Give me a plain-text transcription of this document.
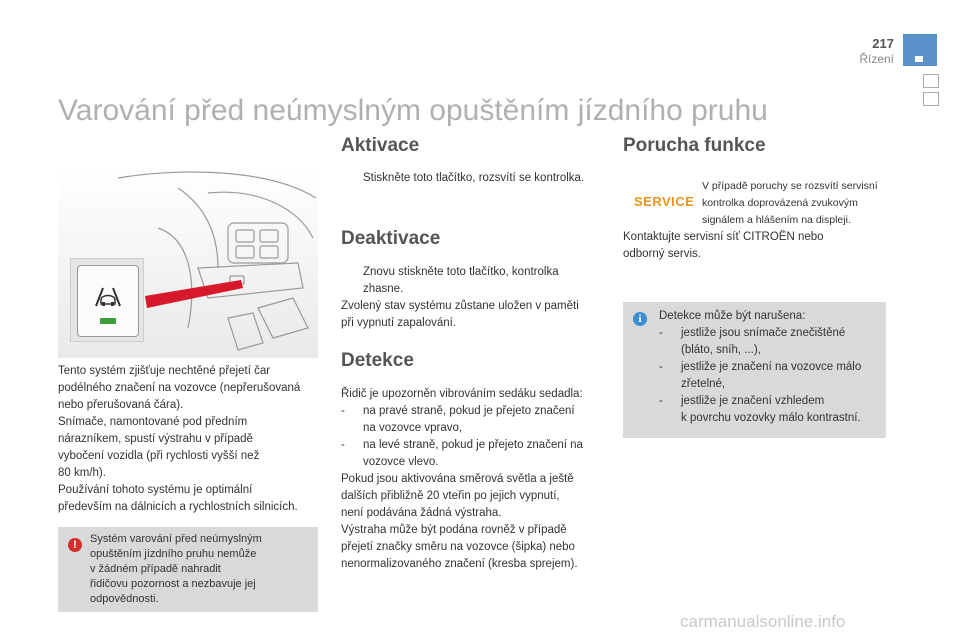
217
Řízení
Varování před neúmyslným opuštěním jízdního pruhu
Tento systém zjišťuje nechtěné přejetí čar
podélného značení na vozovce (nepřerušovaná
nebo přerušovaná čára).
Snímače, namontované pod předním
nárazníkem, spustí výstrahu v případě
vybočení vozidla (při rychlosti vyšší než
80 km/h).
Používání tohoto systému je optimální
především na dálnicích a rychlostních silnicích.
!	Systém varování před neúmyslným
opuštěním jízdního pruhu nemůže
v žádném případě nahradit
řidičovu pozornost a nezbavuje jej
odpovědnosti.
Aktivace
Stiskněte toto tlačítko, rozsvítí se kontrolka.
Deaktivace
Znovu stiskněte toto tlačítko, kontrolka
zhasne.
Zvolený stav systému zůstane uložen v paměti
při vypnutí zapalování.
Detekce
Řidič je upozorněn vibrováním sedáku sedadla:
-	na pravé straně, pokud je přejeto značení
na vozovce vpravo,
-	na levé straně, pokud je přejeto značení na
vozovce vlevo.
Pokud jsou aktivována směrová světla a ještě
dalších přibližně 20 vteřin po jejich vypnutí,
není podávána žádná výstraha.
Výstraha může být podána rovněž v případě
přejetí značky směru na vozovce (šipka) nebo
nenormalizovaného značení (kresba sprejem).
Porucha funkce
SERVICE
V případě poruchy se rozsvítí servisní
kontrolka doprovázená zvukovým
signálem a hlášením na displeji.
Kontaktujte servisní síť CITROËN nebo
odborný servis.
i	Detekce může být narušena:
-	jestliže jsou snímače znečištěné
(bláto, sníh, ...),
-	jestliže je značení na vozovce málo
zřetelné,
-	jestliže je značení vzhledem
k povrchu vozovky málo kontrastní.
carmanualsonline.info
